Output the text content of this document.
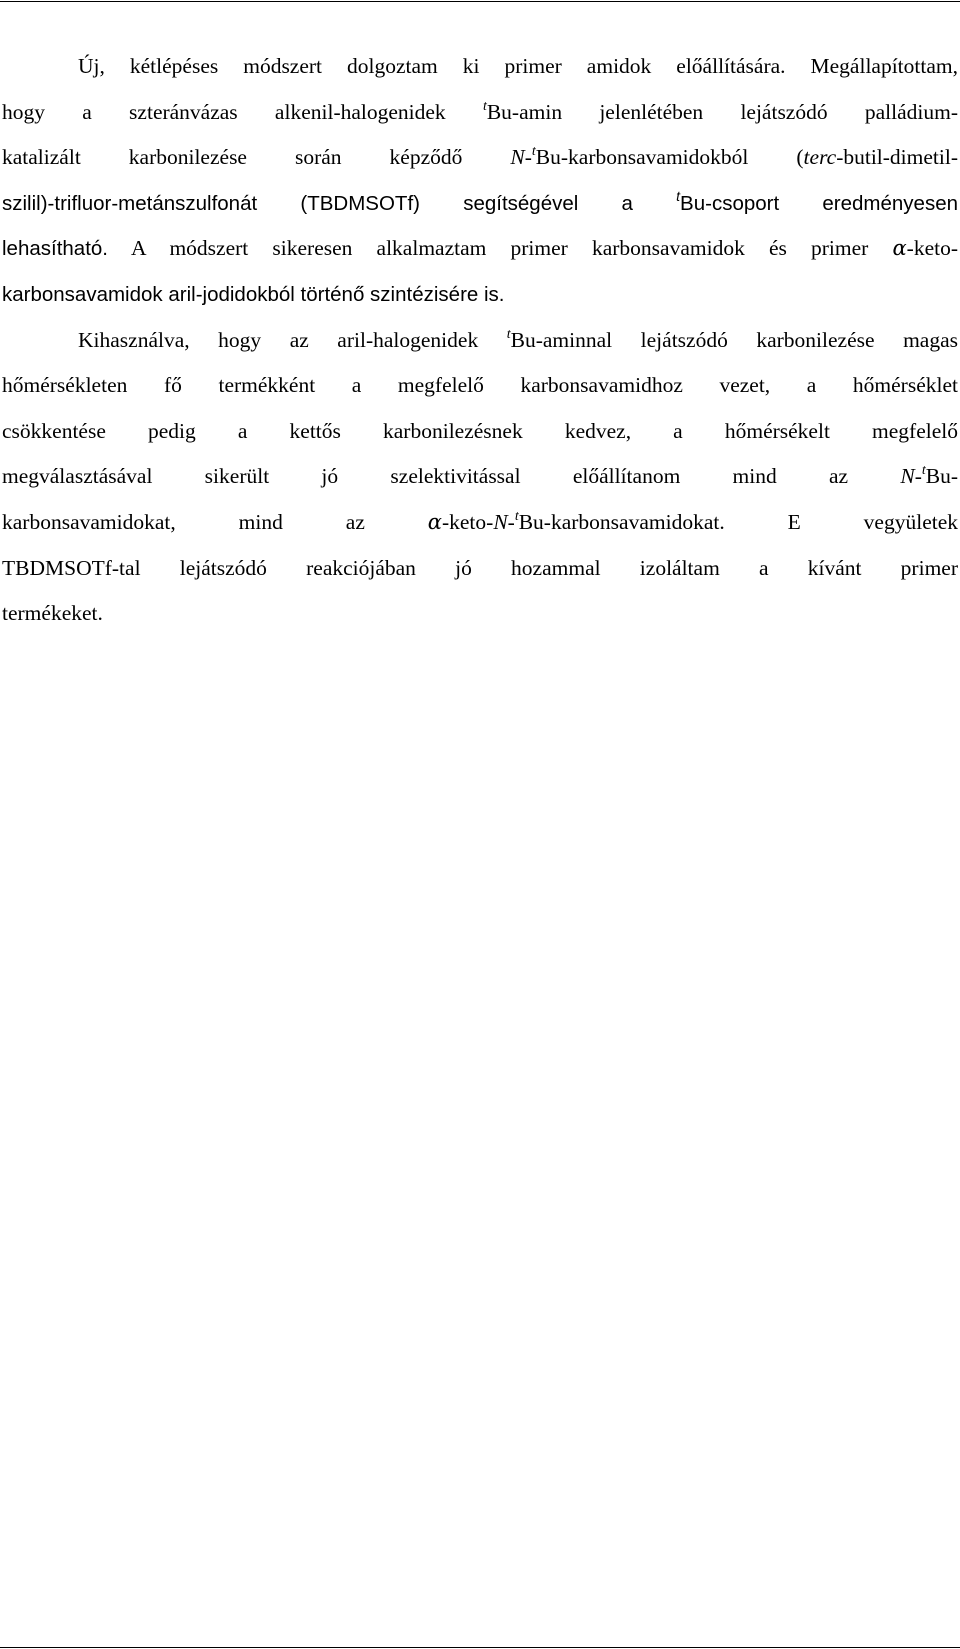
Új, kétlépéses módszert dolgoztam ki primer amidok előállítására. Megállapítottam,
hogy a szteránvázas alkenil-halogenidek $^t$Bu-amin jelenlétében lejátszódó palládium-
katalizált karbonilezése során képződő N-$^t$Bu-karbonsavamidokból (terc-butil-dimetil-
szilil)-trifluor-metánszulfonát (TBDMSOTf) segítségével a $^t$Bu-csoport eredményesen
lehasítható. A módszert sikeresen alkalmaztam primer karbonsavamidok és primer α-keto-
karbonsavamidok aril-jodidokból történő szintézisére is.
Kihasználva, hogy az aril-halogenidek $^t$Bu-aminnal lejátszódó karbonilezése magas
hőmérsékleten fő termékként a megfelelő karbonsavamidhoz vezet, a hőmérséklet
csökkentése pedig a kettős karbonilezésnek kedvez, a hőmérsékelt megfelelő
megválasztásával sikerült jó szelektivitással előállítanom mind az N-$^t$Bu-
karbonsavamidokat, mind az α-keto-N-$^t$Bu-karbonsavamidokat. E vegyületek
TBDMSOTf-tal lejátszódó reakciójában jó hozammal izoláltam a kívánt primer
termékeket.
